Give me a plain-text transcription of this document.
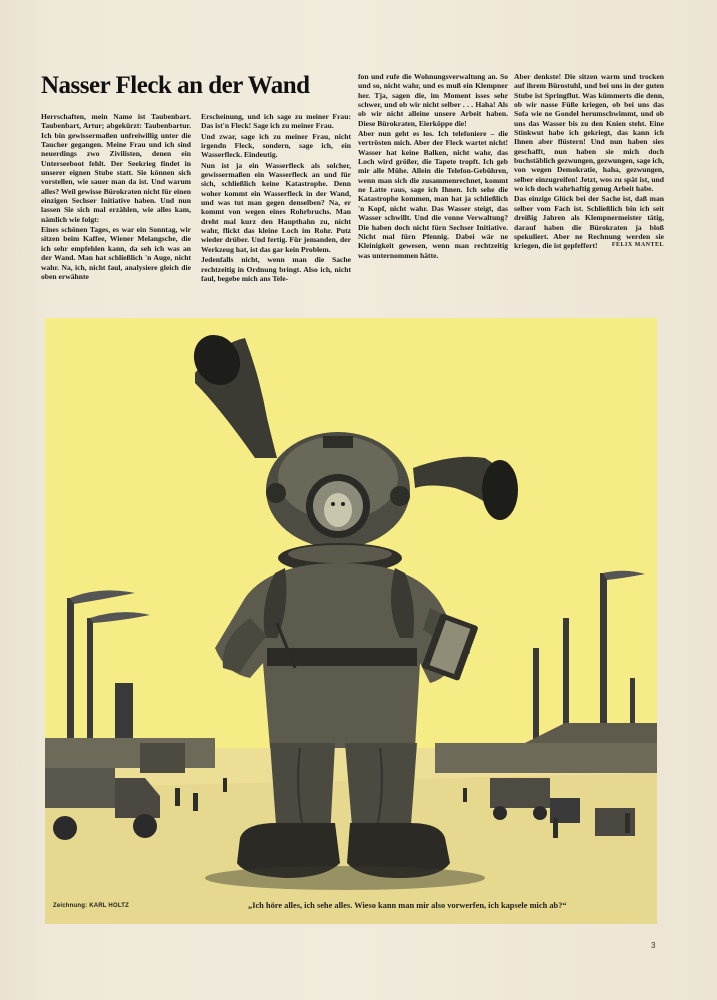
Nasser Fleck an der Wand

Herrschaften, mein Name ist Taubenbart. Taubenbart, Artur; abgekürzt: Taubenbartur. Ich bin gewissermaßen unfreiwillig unter die Taucher gegangen. Meine Frau und ich sind neuerdings zwo Zivilisten, denen ein Unterseeboot fehlt. Der Seekrieg findet in unserer eignen Stube statt. Sie können sich vorstellen, wie sauer man da ist. Und warum alles? Weil gewisse Bürokraten nicht für einen einzigen Sechser Initiative haben. Und nun lassen Sie sich mal erzählen, wie alles kam, nämlich wie folgt:

Eines schönen Tages, es war ein Sonntag, wir sitzen beim Kaffee, Wiener Melangsche, die ich sehr empfehlen kann, da seh ich was an der Wand. Man hat schließlich 'n Auge, nicht wahr. Na, ich, nicht faul, analysiere gleich die oben erwähnte

Erscheinung, und ich sage zu meiner Frau: Das ist'n Fleck! Sage ich zu meiner Frau.

Und zwar, sage ich zu meiner Frau, nicht irgendn Fleck, sondern, sage ich, ein Wasserfleck. Eindeutig.

Nun ist ja ein Wasserfleck als solcher, gewissermaßen ein Wasserfleck an und für sich, schließlich keine Katastrophe. Denn woher kommt ein Wasserfleck in der Wand, und was tut man gegen denselben? Na, er kommt von wegen eines Rohrbruchs. Man dreht mal kurz den Haupthahn zu, nicht wahr, flickt das kleine Loch im Rohr. Putz wieder drüber. Und fertig. Für jemanden, der Werkzeug hat, ist das gar kein Problem.

Jedenfalls nicht, wenn man die Sache rechtzeitig in Ordnung bringt. Also ich, nicht faul, begebe mich ans Tele-

fon und rufe die Wohnungsverwaltung an. So und so, nicht wahr, und es muß ein Klempner her. Tja, sagen die, im Moment isses sehr schwer, und ob wir nicht selber . . . Haha! Als ob wir nicht alleine unsere Arbeit haben. Diese Bürokraten, Eierköppe die!

Aber nun geht es los. Ich telefoniere – die vertrösten mich. Aber der Fleck wartet nicht! Wasser hat keine Balken, nicht wahr, das Loch wird größer, die Tapete tropft. Ich geb mir alle Mühe. Allein die Telefon-Gebühren, wenn man sich die zusammenrechnet, kommt ne Latte raus, sage ich Ihnen. Ich sehe die Katastrophe kommen, man hat ja schließlich 'n Kopf, nicht wahr. Das Wasser steigt, das Wasser schwillt. Und die vonne Verwaltung? Die haben doch nicht fürn Sechser Initiative. Nicht mal fürn Pfennig. Dabei wär ne Kleinigkeit gewesen, wenn man rechtzeitig was unternommen hätte.

Aber denkste! Die sitzen warm und trocken auf ihrem Bürostuhl, und bei uns in der guten Stube ist Springflut. Was kümmerts die denn, ob wir nasse Füße kriegen, ob bei uns das Sofa wie ne Gondel herumschwimmt, und ob uns das Wasser bis zu den Knien steht. Eine Stinkwut habe ich gekriegt, das kann ich Ihnen aber flüstern! Und nun haben sies geschafft, nun haben sie mich doch buchstäblich gezwungen, gezwungen, sage ich, von wegen Demokratie, haha, gezwungen, selber einzugreifen! Jetzt, wos zu spät ist, und wo ich doch wahrhaftig genug Arbeit habe.

Das einzige Glück bei der Sache ist, daß man selber vom Fach ist. Schließlich bin ich seit dreißig Jahren als Klempnermeister tätig, darauf haben die Bürokraten ja bloß spekuliert. Aber ne Rechnung werden sie kriegen, die ist gepfeffert! FELIX MANTEL

Zeichnung: KARL HOLTZ	„Ich höre alles, ich sehe alles. Wieso kann man mir also vorwerfen, ich kapsele mich ab?“
3
